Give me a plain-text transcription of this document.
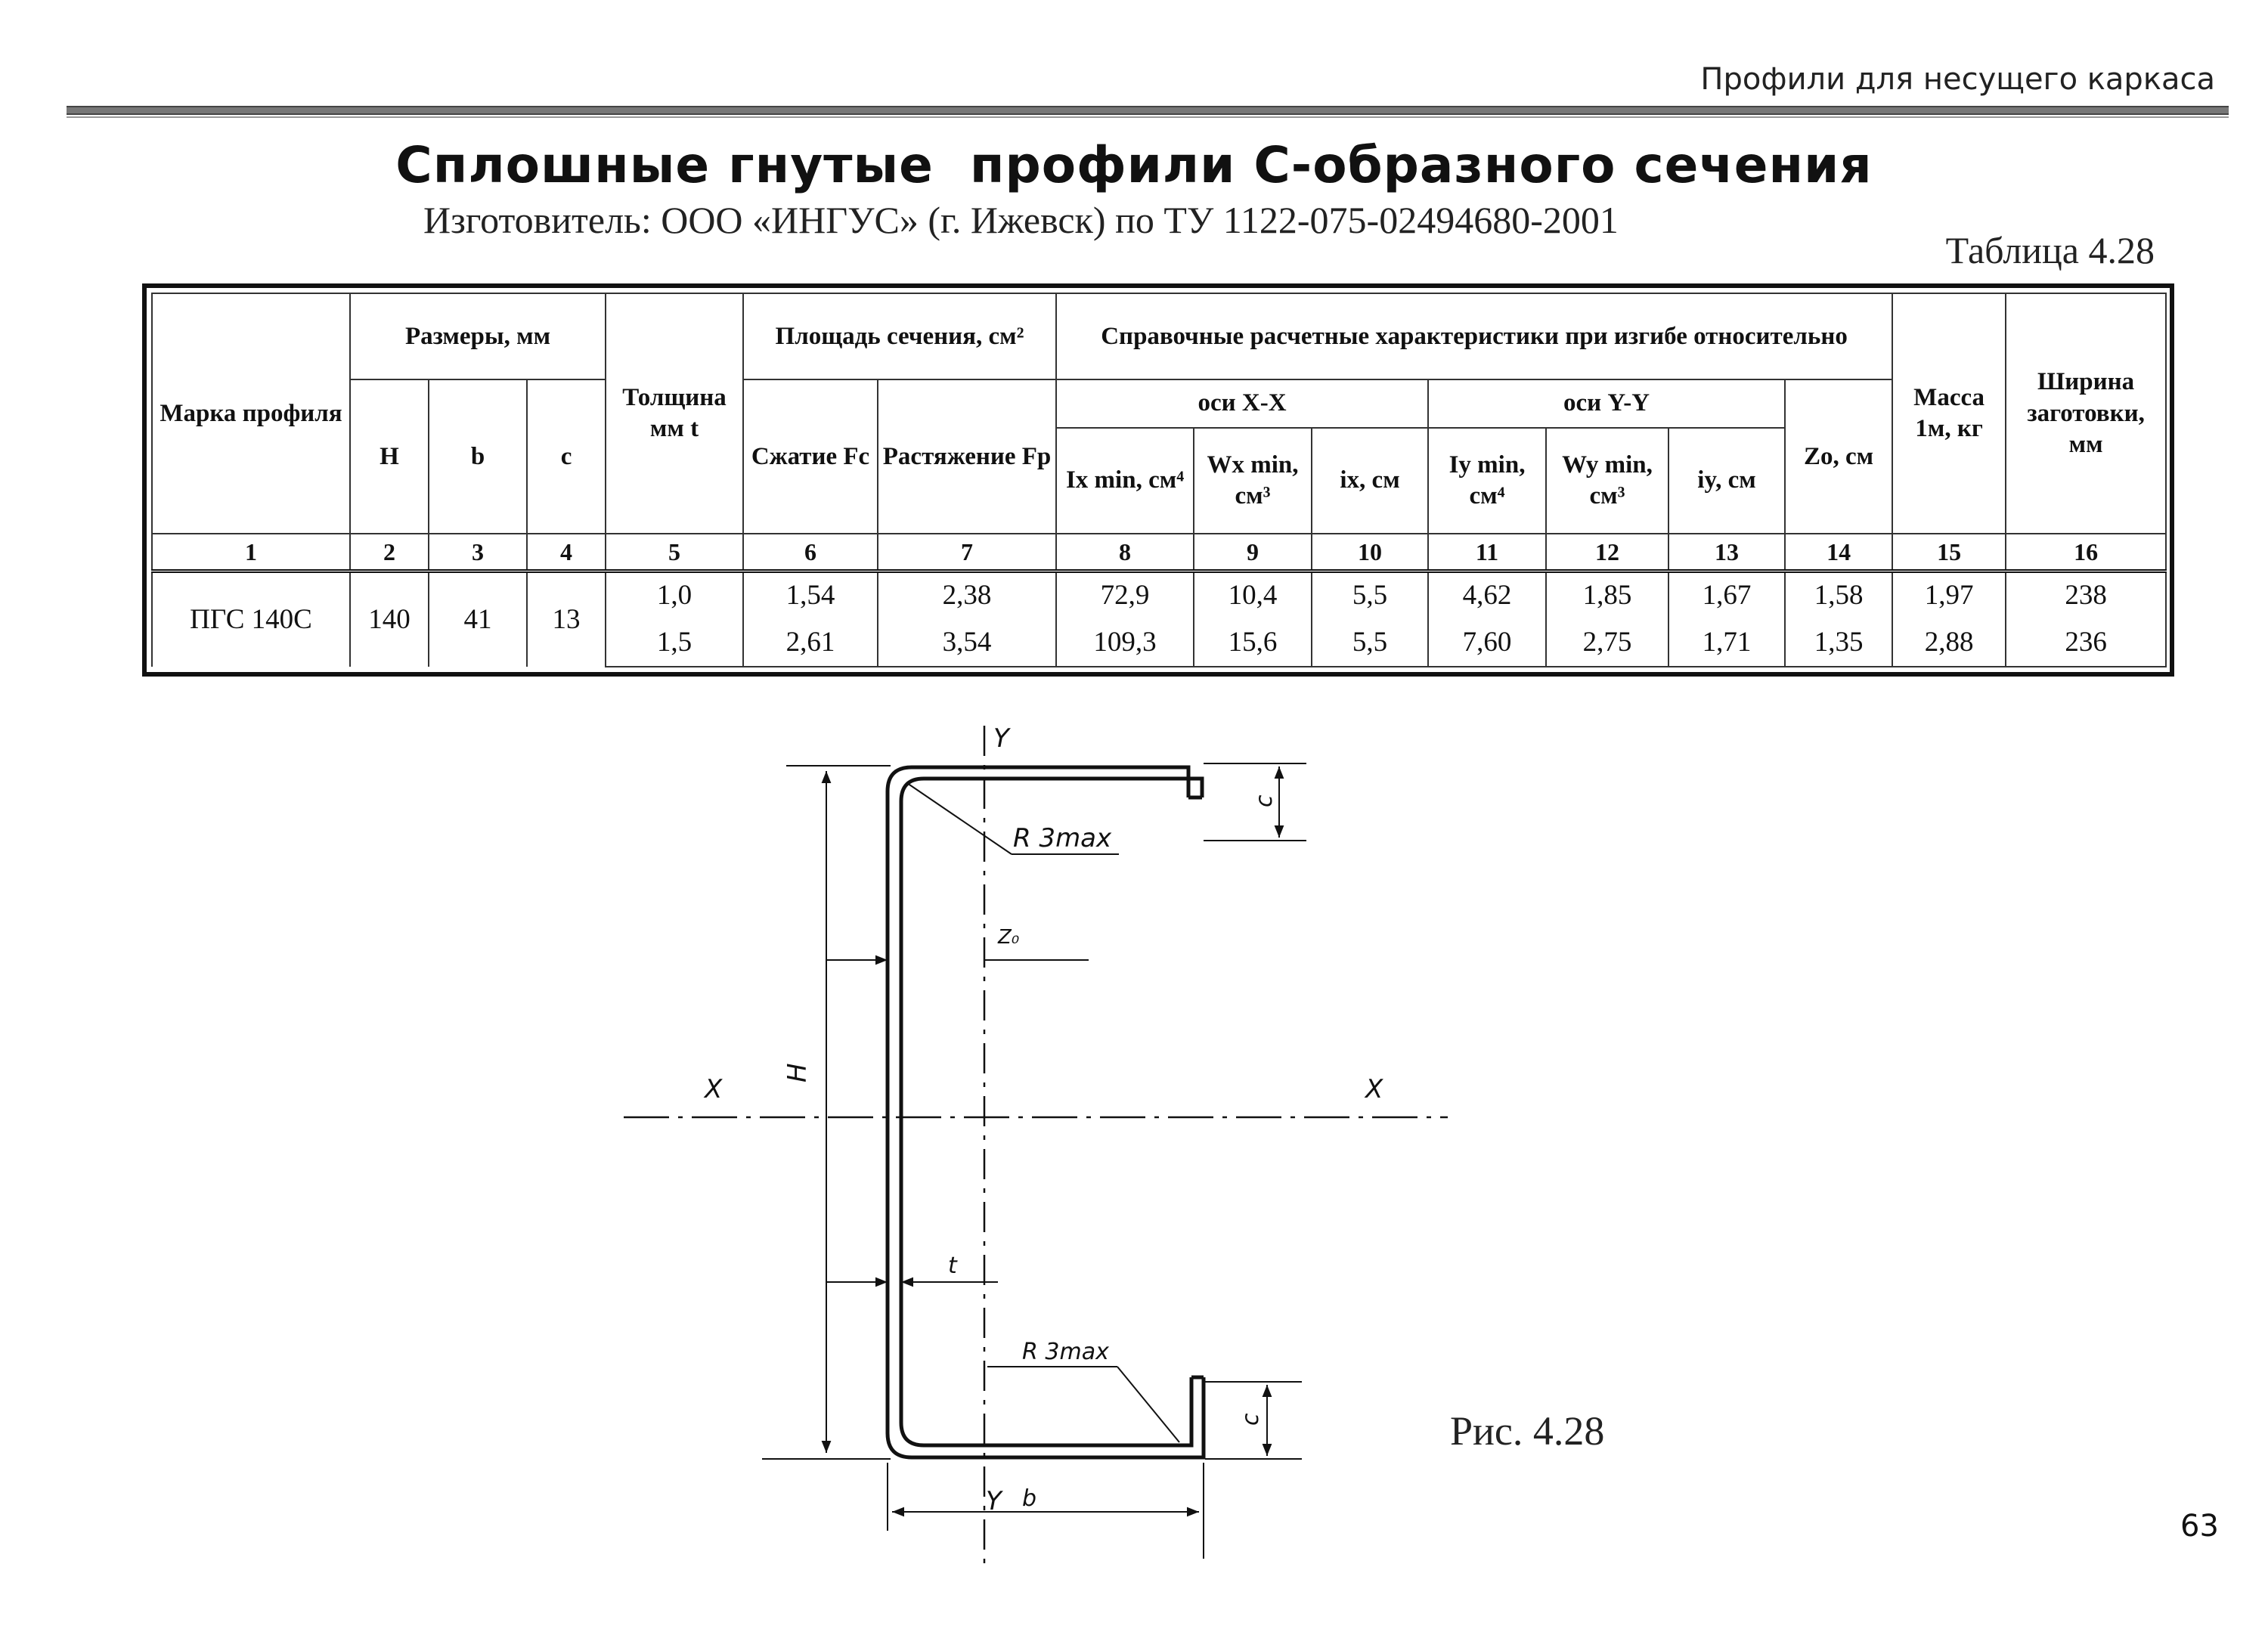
Профили для несущего каркаса
Сплошные гнутые  профили С-образного сечения
Изготовитель: ООО «ИНГУС» (г. Ижевск) по ТУ 1122-075-02494680-2001
Таблица 4.28
Марка профиля	Размеры, мм			Толщина мм t	Площадь сечения, см²		Справочные расчетные характеристики при изгибе относительно							Масса 1м, кг	Ширина заготовки, мм
	H	b	c		Сжатие Fc	Растяжение Fp	оси X-X			оси Y-Y			Zo, см		
							Ix min, см⁴	Wx min, см³	ix, см	Iy min, см⁴	Wy min, см³	iy, см			
1	2	3	4	5	6	7	8	9	10	11	12	13	14	15	16
ПГС 140С	140	41	13	1,0	1,54	2,38	72,9	10,4	5,5	4,62	1,85	1,67	1,58	1,97	238
				1,5	2,61	3,54	109,3	15,6	5,5	7,60	2,75	1,71	1,35	2,88	236
Y
Y
X	X
R 3max
R 3max
Z₀
t
b
H
c
c	Рис. 4.28
63
